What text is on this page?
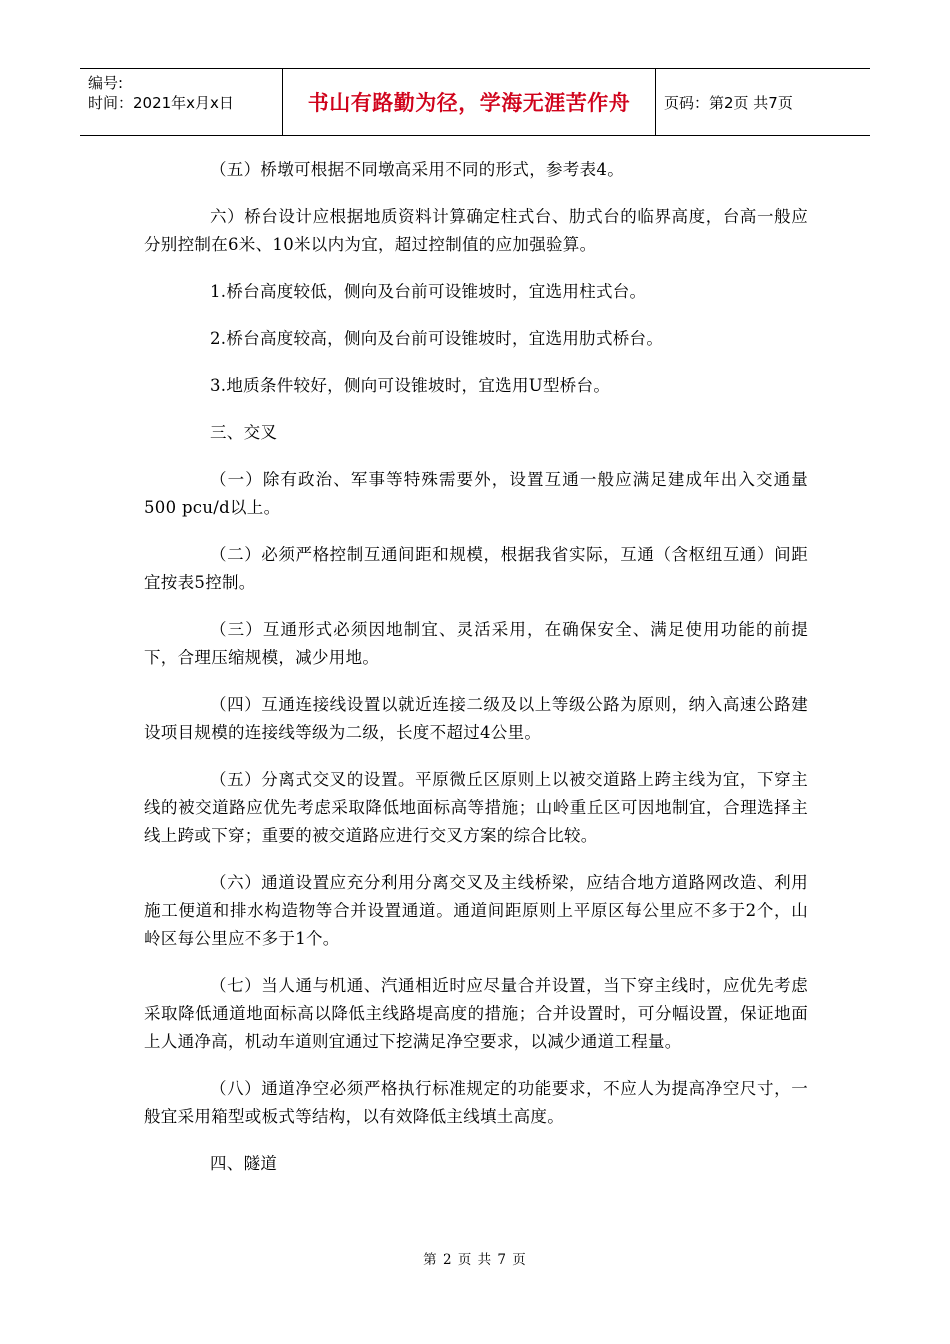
编号:
时间：2021年x月x日	书山有路勤为径，学海无涯苦作舟	页码：第2页 共7页

（五）桥墩可根据不同墩高采用不同的形式，参考表4。

六）桥台设计应根据地质资料计算确定柱式台、肋式台的临界高度，台高一般应分别控制在6米、10米以内为宜，超过控制值的应加强验算。

1.桥台高度较低，侧向及台前可设锥坡时，宜选用柱式台。

2.桥台高度较高，侧向及台前可设锥坡时，宜选用肋式桥台。

3.地质条件较好，侧向可设锥坡时，宜选用U型桥台。

三、交叉

（一）除有政治、军事等特殊需要外，设置互通一般应满足建成年出入交通量500 pcu/d以上。

（二）必须严格控制互通间距和规模，根据我省实际，互通（含枢纽互通）间距宜按表5控制。

（三）互通形式必须因地制宜、灵活采用，在确保安全、满足使用功能的前提下，合理压缩规模，减少用地。

（四）互通连接线设置以就近连接二级及以上等级公路为原则，纳入高速公路建设项目规模的连接线等级为二级，长度不超过4公里。

（五）分离式交叉的设置。平原微丘区原则上以被交道路上跨主线为宜，下穿主线的被交道路应优先考虑采取降低地面标高等措施；山岭重丘区可因地制宜，合理选择主线上跨或下穿；重要的被交道路应进行交叉方案的综合比较。

（六）通道设置应充分利用分离交叉及主线桥梁，应结合地方道路网改造、利用施工便道和排水构造物等合并设置通道。通道间距原则上平原区每公里应不多于2个，山岭区每公里应不多于1个。

（七）当人通与机通、汽通相近时应尽量合并设置，当下穿主线时，应优先考虑采取降低通道地面标高以降低主线路堤高度的措施；合并设置时，可分幅设置，保证地面上人通净高，机动车道则宜通过下挖满足净空要求，以减少通道工程量。

（八）通道净空必须严格执行标准规定的功能要求，不应人为提高净空尺寸，一般宜采用箱型或板式等结构，以有效降低主线填土高度。

四、隧道

第 2 页 共 7 页
